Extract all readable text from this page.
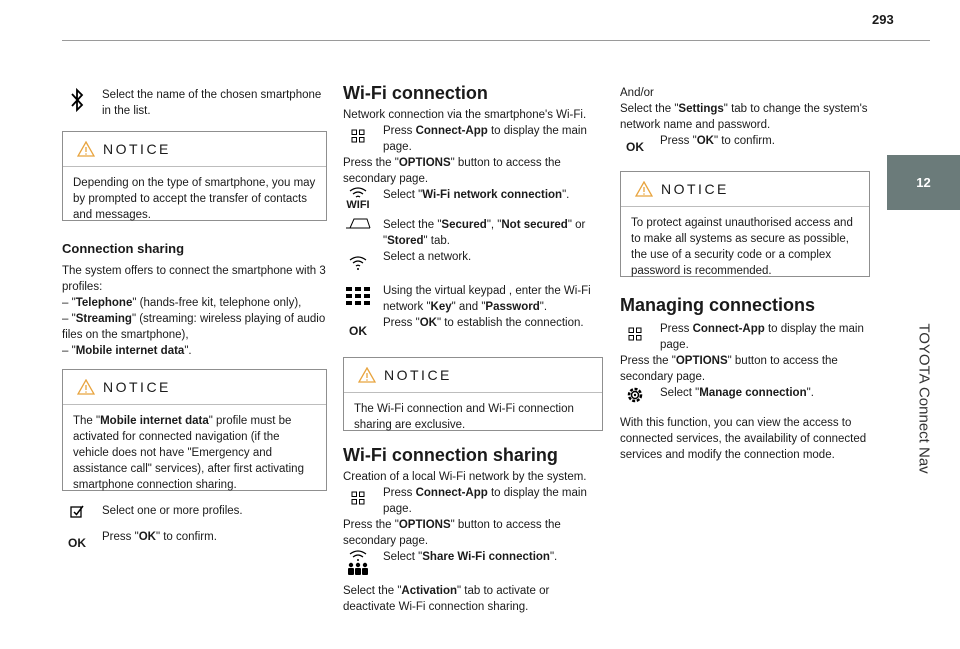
293
12
TOYOTA Connect Nav

Select the name of the chosen smartphone in the list.

NOTICE

Depending on the type of smartphone, you may by prompted to accept the transfer of contacts and messages.

Connection sharing

The system offers to connect the smartphone with 3 profiles:

– "Telephone" (hands-free kit, telephone only),

– "Streaming" (streaming: wireless playing of audio files on the smartphone),

– "Mobile internet data".

NOTICE

The "Mobile internet data" profile must be activated for connected navigation (if the vehicle does not have "Emergency and assistance call" services), after first activating smartphone connection sharing.

Select one or more profiles.

OK	Press "OK" to confirm.

Wi-Fi connection

Network connection via the smartphone's Wi-Fi.

Press Connect-App to display the main page.

Press the "OPTIONS" button to access the secondary page.

WIFI

Select "Wi-Fi network connection".

Select the "Secured", "Not secured" or "Stored" tab.

Select a network.

Using the virtual keypad , enter the Wi-Fi network "Key" and "Password".

OK

Press "OK" to establish the connection.

NOTICE

The Wi-Fi connection and Wi-Fi connection sharing are exclusive.

Wi-Fi connection sharing

Creation of a local Wi-Fi network by the system.

Press Connect-App to display the main page.

Press the "OPTIONS" button to access the secondary page.

Select "Share Wi-Fi connection".

Select the "Activation" tab to activate or deactivate Wi-Fi connection sharing.

And/or

Select the "Settings" tab to change the system's network name and password.

OK	Press "OK" to confirm.

NOTICE

To protect against unauthorised access and to make all systems as secure as possible, the use of a security code or a complex password is recommended.

Managing connections

Press Connect-App to display the main page.

Press the "OPTIONS" button to access the secondary page.

Select "Manage connection".

With this function, you can view the access to connected services, the availability of connected services and modify the connection mode.
